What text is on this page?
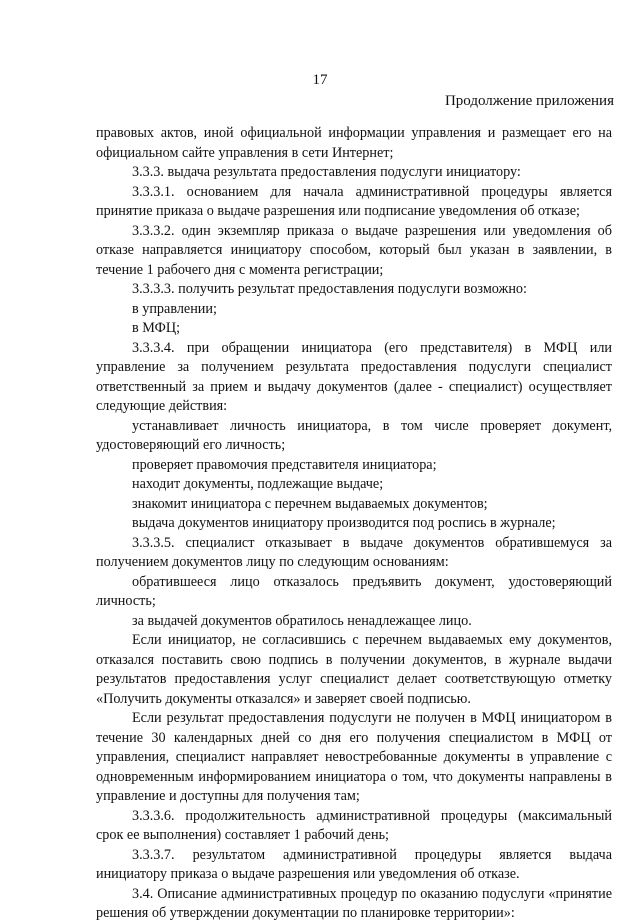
17
Продолжение приложения

правовых актов, иной официальной информации управления и размещает его на официальном сайте управления в сети Интернет;

3.3.3. выдача результата предоставления подуслуги инициатору:

3.3.3.1. основанием для начала административной процедуры является принятие приказа о выдаче разрешения или подписание уведомления об отказе;

3.3.3.2. один экземпляр приказа о выдаче разрешения или уведомления об отказе направляется инициатору способом, который был указан в заявлении, в течение 1 рабочего дня с момента регистрации;

3.3.3.3. получить результат предоставления подуслуги возможно:

в управлении;

в МФЦ;

3.3.3.4. при обращении инициатора (его представителя) в МФЦ или управление за получением результата предоставления подуслуги специалист ответственный за прием и выдачу документов (далее - специалист) осуществляет следующие действия:

устанавливает личность инициатора, в том числе проверяет документ, удостоверяющий его личность;

проверяет правомочия представителя инициатора;

находит документы, подлежащие выдаче;

знакомит инициатора с перечнем выдаваемых документов;

выдача документов инициатору производится под роспись в журнале;

3.3.3.5. специалист отказывает в выдаче документов обратившемуся за получением документов лицу по следующим основаниям:

обратившееся лицо отказалось предъявить документ, удостоверяющий личность;

за выдачей документов обратилось ненадлежащее лицо.

Если инициатор, не согласившись с перечнем выдаваемых ему документов, отказался поставить свою подпись в получении документов, в журнале выдачи результатов предоставления услуг специалист делает соответствующую отметку «Получить документы отказался» и заверяет своей подписью.

Если результат предоставления подуслуги не получен в МФЦ инициатором в течение 30 календарных дней со дня его получения специалистом в МФЦ от управления, специалист направляет невостребованные документы в управление с одновременным информированием инициатора о том, что документы направлены в управление и доступны для получения там;

3.3.3.6. продолжительность административной процедуры (максимальный срок ее выполнения) составляет 1 рабочий день;

3.3.3.7. результатом административной процедуры является выдача инициатору приказа о выдаче разрешения или уведомления об отказе.

3.4. Описание административных процедур по оказанию подуслуги «принятие решения об утверждении документации по планировке территории»:
